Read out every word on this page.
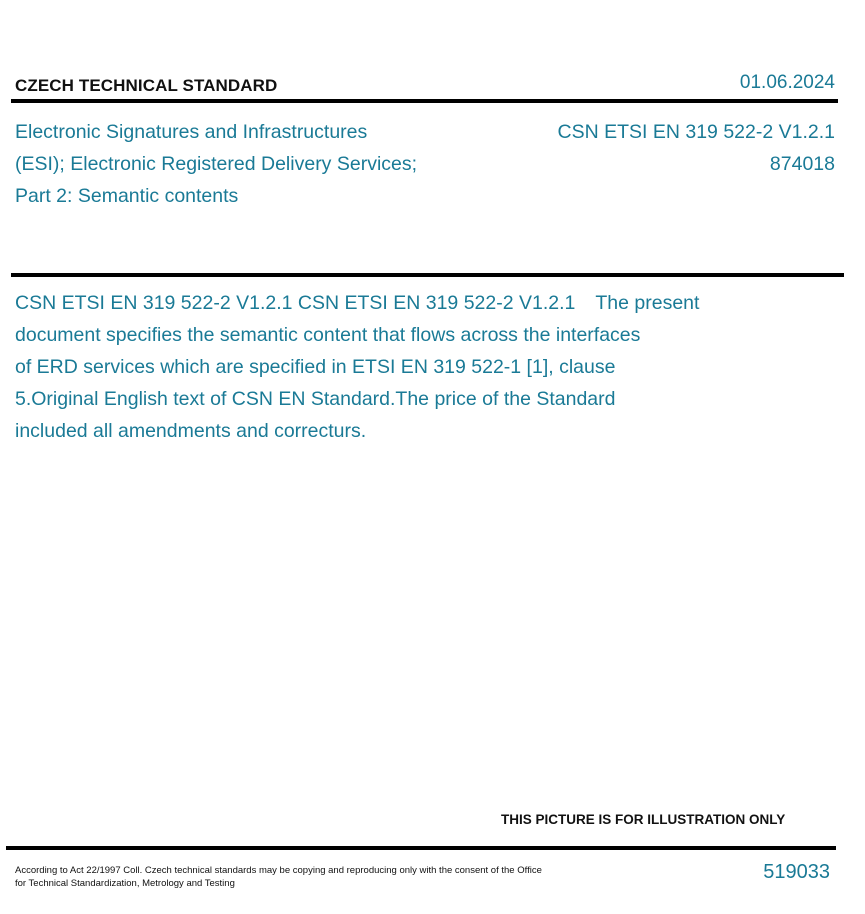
CZECH TECHNICAL STANDARD	01.06.2024
Electronic Signatures and Infrastructures
(ESI); Electronic Registered Delivery Services;
Part 2: Semantic contents
CSN ETSI EN 319 522-2 V1.2.1
874018
CSN ETSI EN 319 522-2 V1.2.1 CSN ETSI EN 319 522-2 V1.2.1 The present
document specifies the semantic content that flows across the interfaces
of ERD services which are specified in ETSI EN 319 522-1 [1], clause
5.Original English text of CSN EN Standard.The price of the Standard
included all amendments and correcturs.
THIS PICTURE IS FOR ILLUSTRATION ONLY
According to Act 22/1997 Coll. Czech technical standards may be copying and reproducing only with the consent of the Office
for Technical Standardization, Metrology and Testing
519033
